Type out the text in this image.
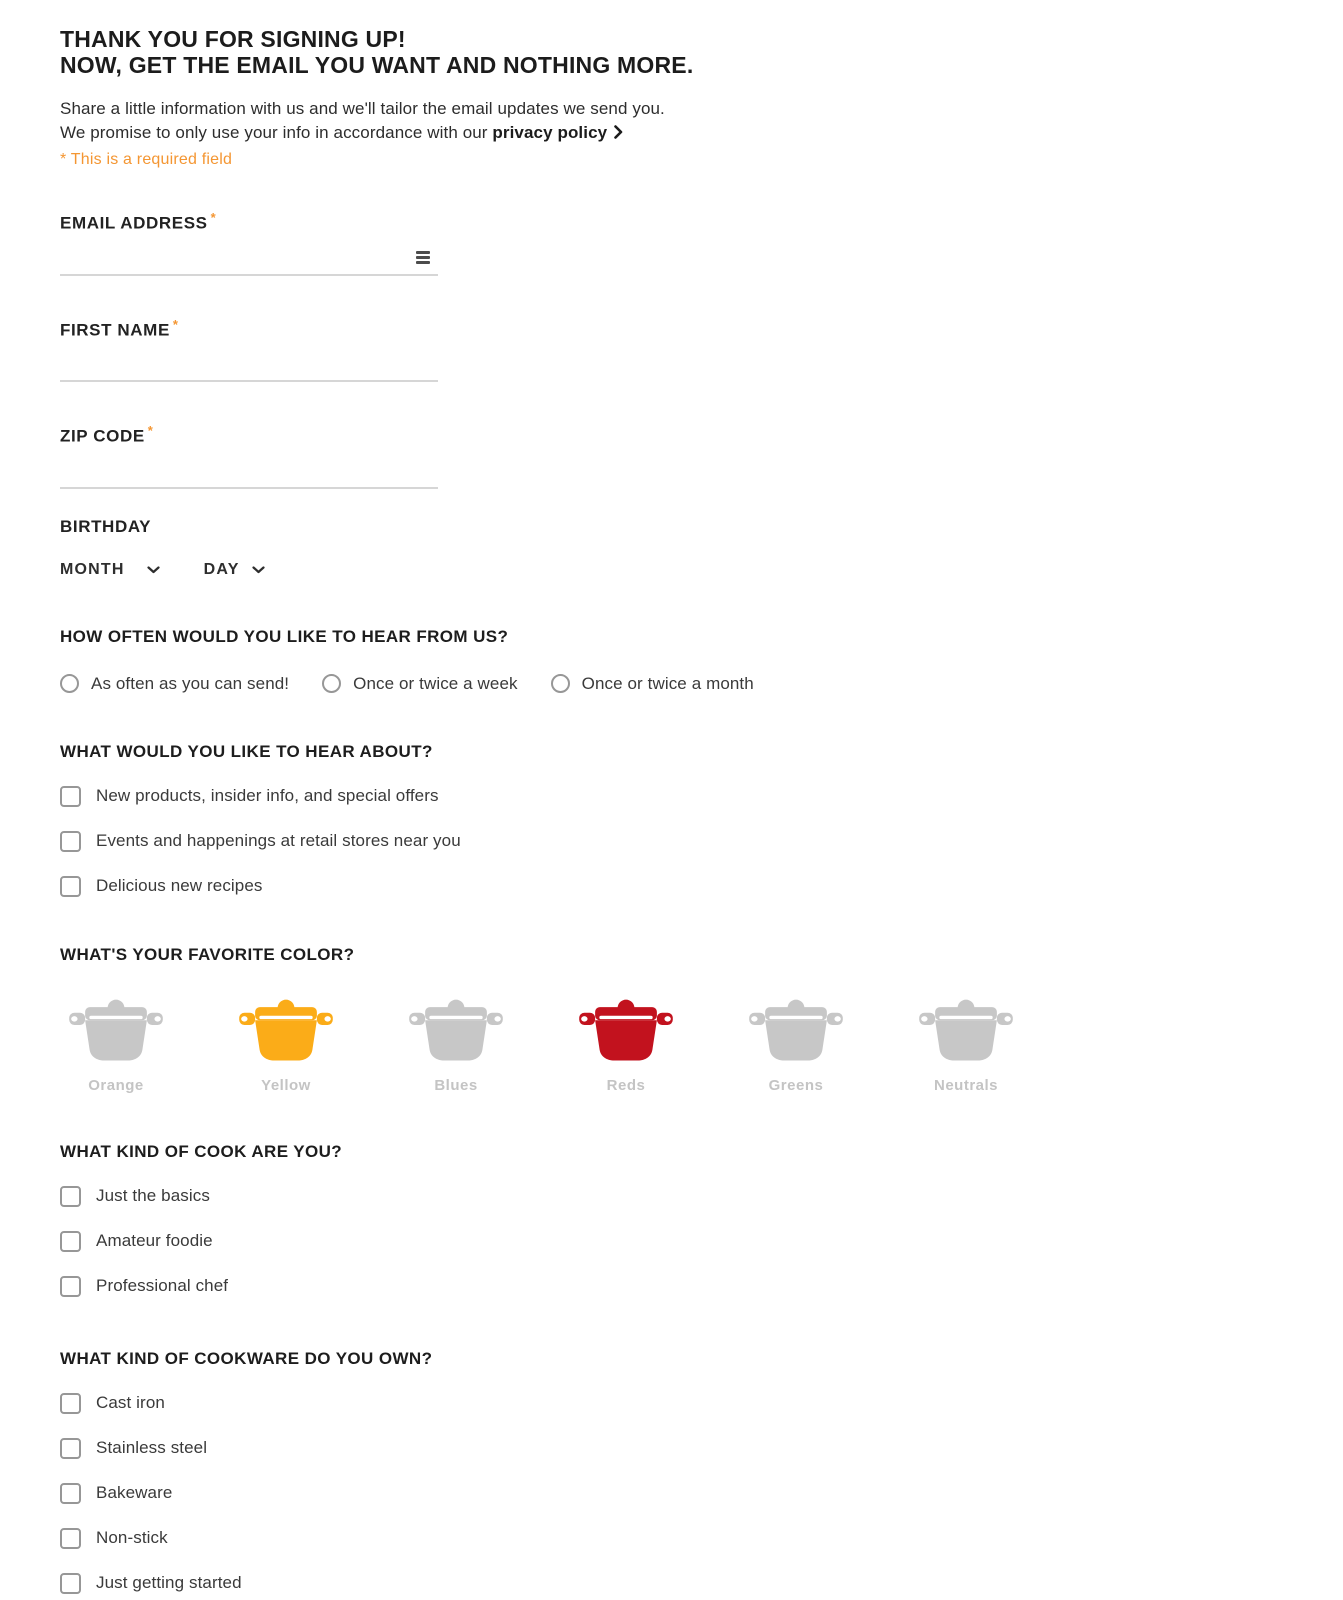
THANK YOU FOR SIGNING UP!
NOW, GET THE EMAIL YOU WANT AND NOTHING MORE.
Share a little information with us and we'll tailor the email updates we send you.
We promise to only use your info in accordance with our privacy policy
* This is a required field
EMAIL ADDRESS *
FIRST NAME *
ZIP CODE *
BIRTHDAY
MONTH	DAY
HOW OFTEN WOULD YOU LIKE TO HEAR FROM US?
As often as you can send!	Once or twice a week	Once or twice a month
WHAT WOULD YOU LIKE TO HEAR ABOUT?
New products, insider info, and special offers
Events and happenings at retail stores near you
Delicious new recipes
WHAT'S YOUR FAVORITE COLOR?
Orange	Yellow	Blues	Reds	Greens	Neutrals
WHAT KIND OF COOK ARE YOU?
Just the basics
Amateur foodie
Professional chef
WHAT KIND OF COOKWARE DO YOU OWN?
Cast iron
Stainless steel
Bakeware
Non-stick
Just getting started
